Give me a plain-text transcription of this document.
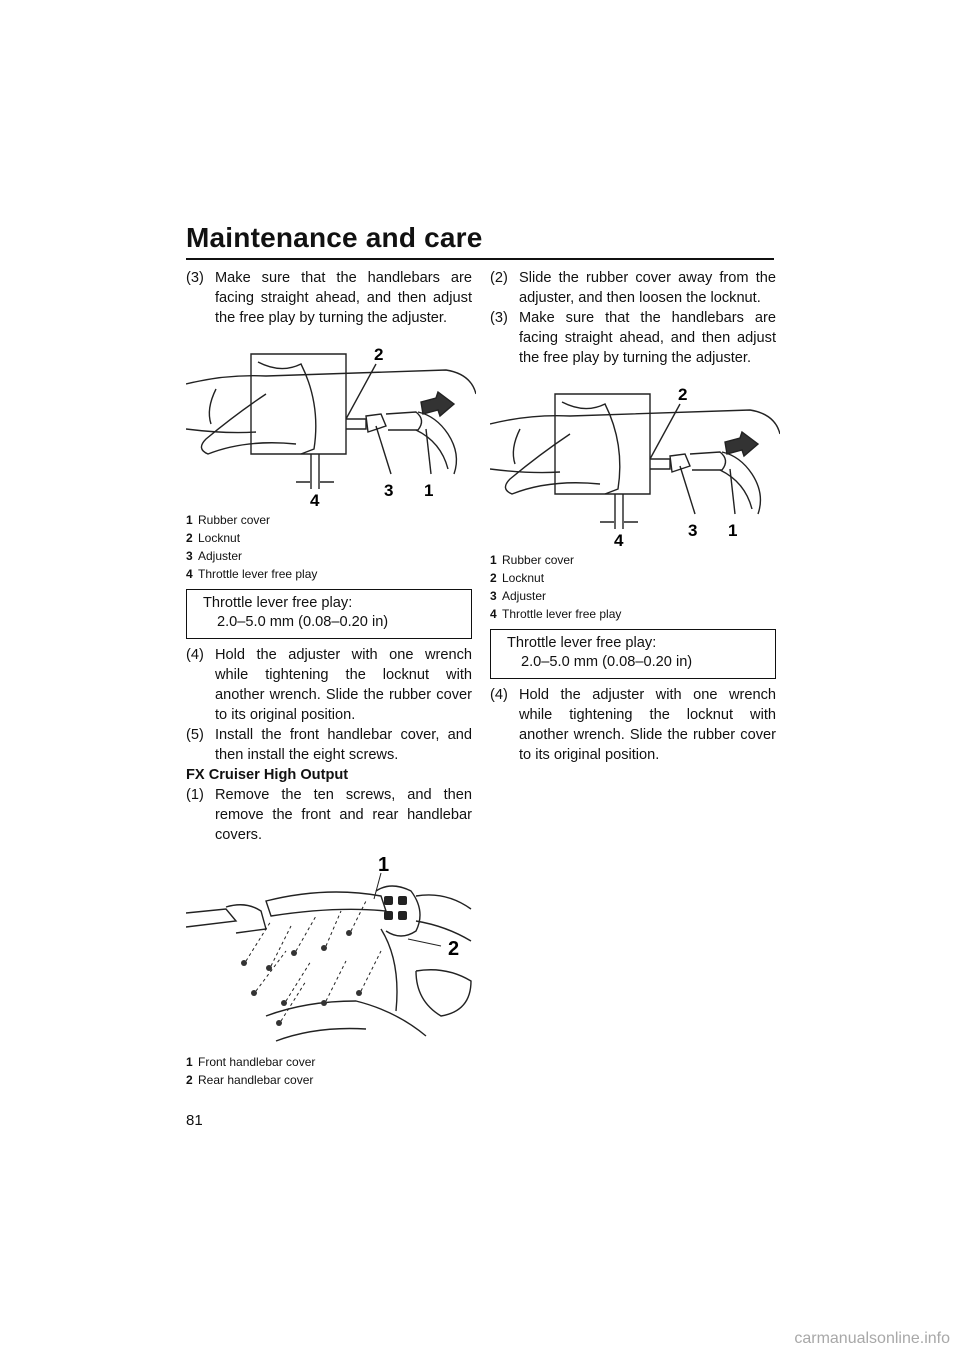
Maintenance and care
(3) Make sure that the handlebars are facing straight ahead, and then adjust the free play by turning the adjuster.
2
4
3 1
1 Rubber cover
2 Locknut
3 Adjuster
4 Throttle lever free play
Throttle lever free play:
2.0–5.0 mm (0.08–0.20 in)
(4) Hold the adjuster with one wrench while tightening the locknut with another wrench. Slide the rubber cover to its original position.
(5) Install the front handlebar cover, and then install the eight screws.
FX Cruiser High Output
(1) Remove the ten screws, and then remove the front and rear handlebar covers.
1
2
1 Front handlebar cover
2 Rear handlebar cover
(2) Slide the rubber cover away from the adjuster, and then loosen the locknut.
(3) Make sure that the handlebars are facing straight ahead, and then adjust the free play by turning the adjuster.
2
4
3 1
1 Rubber cover
2 Locknut
3 Adjuster
4 Throttle lever free play
Throttle lever free play:
2.0–5.0 mm (0.08–0.20 in)
(4) Hold the adjuster with one wrench while tightening the locknut with another wrench. Slide the rubber cover to its original position.
81
carmanualsonline.info
